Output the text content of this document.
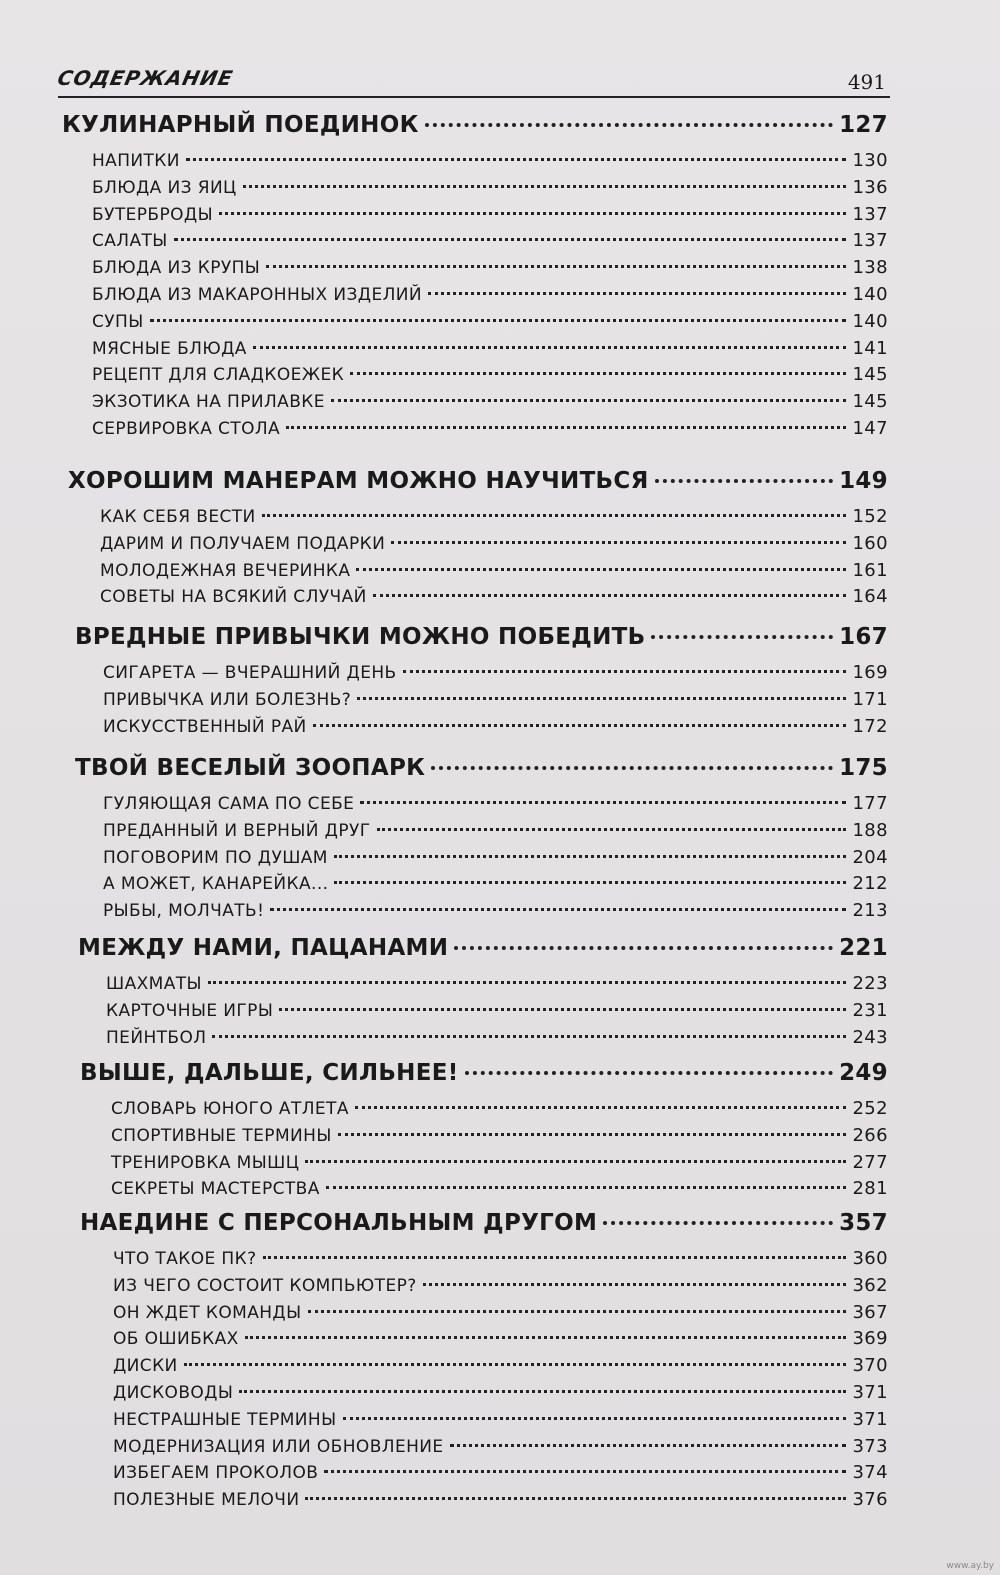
СОДЕРЖАНИЕ	491
КУЛИНАРНЫЙ ПОЕДИНОК	127
НАПИТКИ	130
БЛЮДА ИЗ ЯИЦ	136
БУТЕРБРОДЫ	137
САЛАТЫ	137
БЛЮДА ИЗ КРУПЫ	138
БЛЮДА ИЗ МАКАРОННЫХ ИЗДЕЛИЙ	140
СУПЫ	140
МЯСНЫЕ БЛЮДА	141
РЕЦЕПТ ДЛЯ СЛАДКОЕЖЕК	145
ЭКЗОТИКА НА ПРИЛАВКЕ	145
СЕРВИРОВКА СТОЛА	147
ХОРОШИМ МАНЕРАМ МОЖНО НАУЧИТЬСЯ	149
КАК СЕБЯ ВЕСТИ	152
ДАРИМ И ПОЛУЧАЕМ ПОДАРКИ	160
МОЛОДЕЖНАЯ ВЕЧЕРИНКА	161
СОВЕТЫ НА ВСЯКИЙ СЛУЧАЙ	164
ВРЕДНЫЕ ПРИВЫЧКИ МОЖНО ПОБЕДИТЬ	167
СИГАРЕТА — ВЧЕРАШНИЙ ДЕНЬ	169
ПРИВЫЧКА ИЛИ БОЛЕЗНЬ?	171
ИСКУССТВЕННЫЙ РАЙ	172
ТВОЙ ВЕСЕЛЫЙ ЗООПАРК	175
ГУЛЯЮЩАЯ САМА ПО СЕБЕ	177
ПРЕДАННЫЙ И ВЕРНЫЙ ДРУГ	188
ПОГОВОРИМ ПО ДУШАМ	204
А МОЖЕТ, КАНАРЕЙКА...	212
РЫБЫ, МОЛЧАТЬ!	213
МЕЖДУ НАМИ, ПАЦАНАМИ	221
ШАХМАТЫ	223
КАРТОЧНЫЕ ИГРЫ	231
ПЕЙНТБОЛ	243
ВЫШЕ, ДАЛЬШЕ, СИЛЬНЕЕ!	249
СЛОВАРЬ ЮНОГО АТЛЕТА	252
СПОРТИВНЫЕ ТЕРМИНЫ	266
ТРЕНИРОВКА МЫШЦ	277
СЕКРЕТЫ МАСТЕРСТВА	281
НАЕДИНЕ С ПЕРСОНАЛЬНЫМ ДРУГОМ	357
ЧТО ТАКОЕ ПК?	360
ИЗ ЧЕГО СОСТОИТ КОМПЬЮТЕР?	362
ОН ЖДЕТ КОМАНДЫ	367
ОБ ОШИБКАХ	369
ДИСКИ	370
ДИСКОВОДЫ	371
НЕСТРАШНЫЕ ТЕРМИНЫ	371
МОДЕРНИЗАЦИЯ ИЛИ ОБНОВЛЕНИЕ	373
ИЗБЕГАЕМ ПРОКОЛОВ	374
ПОЛЕЗНЫЕ МЕЛОЧИ	376
www.ay.by
